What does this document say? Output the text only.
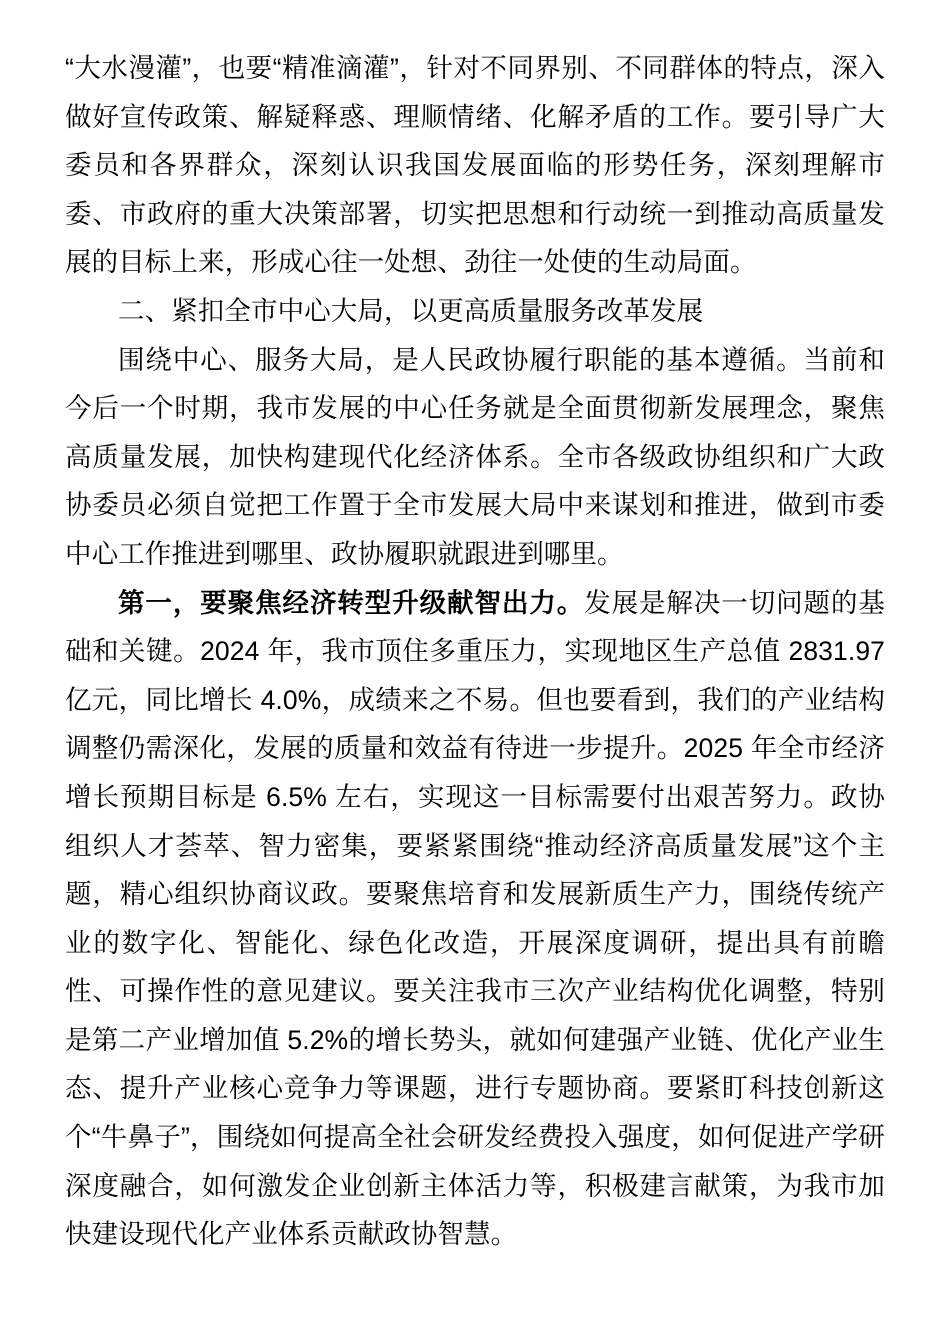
“大水漫灌”，也要“精准滴灌”，针对不同界别、不同群体的特点，深入做好宣传政策、解疑释惑、理顺情绪、化解矛盾的工作。要引导广大委员和各界群众，深刻认识我国发展面临的形势任务，深刻理解市委、市政府的重大决策部署，切实把思想和行动统一到推动高质量发展的目标上来，形成心往一处想、劲往一处使的生动局面。

二、紧扣全市中心大局，以更高质量服务改革发展

围绕中心、服务大局，是人民政协履行职能的基本遵循。当前和今后一个时期，我市发展的中心任务就是全面贯彻新发展理念，聚焦高质量发展，加快构建现代化经济体系。全市各级政协组织和广大政协委员必须自觉把工作置于全市发展大局中来谋划和推进，做到市委中心工作推进到哪里、政协履职就跟进到哪里。

第一，要聚焦经济转型升级献智出力。发展是解决一切问题的基础和关键。2024 年，我市顶住多重压力，实现地区生产总值 2831.97 亿元，同比增长 4.0%，成绩来之不易。但也要看到，我们的产业结构调整仍需深化，发展的质量和效益有待进一步提升。2025 年全市经济增长预期目标是 6.5% 左右，实现这一目标需要付出艰苦努力。政协组织人才荟萃、智力密集，要紧紧围绕“推动经济高质量发展”这个主题，精心组织协商议政。要聚焦培育和发展新质生产力，围绕传统产业的数字化、智能化、绿色化改造，开展深度调研，提出具有前瞻性、可操作性的意见建议。要关注我市三次产业结构优化调整，特别是第二产业增加值 5.2%的增长势头，就如何建强产业链、优化产业生态、提升产业核心竞争力等课题，进行专题协商。要紧盯科技创新这个“牛鼻子”，围绕如何提高全社会研发经费投入强度，如何促进产学研深度融合，如何激发企业创新主体活力等，积极建言献策，为我市加快建设现代化产业体系贡献政协智慧。
